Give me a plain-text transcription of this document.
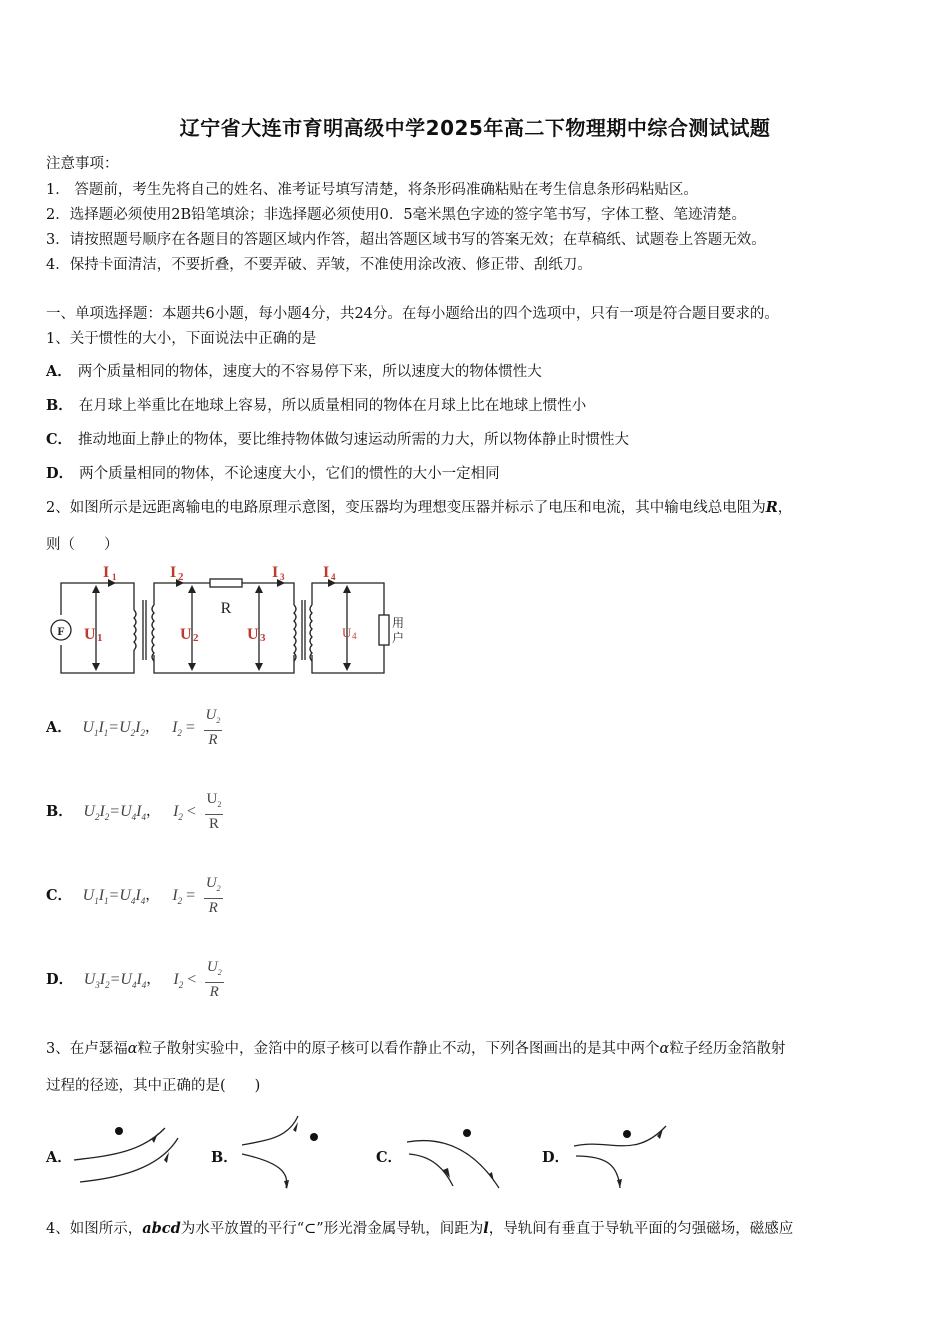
辽宁省大连市育明高级中学2025年高二下物理期中综合测试试题
注意事项：
1． 答题前，考生先将自己的姓名、准考证号填写清楚，将条形码准确粘贴在考生信息条形码粘贴区。
2．选择题必须使用2B铅笔填涂；非选择题必须使用0．5毫米黑色字迹的签字笔书写，字体工整、笔迹清楚。
3．请按照题号顺序在各题目的答题区域内作答，超出答题区域书写的答案无效；在草稿纸、试题卷上答题无效。
4．保持卡面清洁，不要折叠，不要弄破、弄皱，不准使用涂改液、修正带、刮纸刀。
一、单项选择题：本题共6小题，每小题4分，共24分。在每小题给出的四个选项中，只有一项是符合题目要求的。
1、关于惯性的大小，下面说法中正确的是
A． 两个质量相同的物体，速度大的不容易停下来，所以速度大的物体惯性大
B． 在月球上举重比在地球上容易，所以质量相同的物体在月球上比在地球上惯性小
C． 推动地面上静止的物体，要比维持物体做匀速运动所需的力大，所以物体静止时惯性大
D． 两个质量相同的物体，不论速度大小，它们的惯性的大小一定相同
2、如图所示是远距离输电的电路原理示意图，变压器均为理想变压器并标示了电压和电流，其中输电线总电阻为R，
则（　　）
F
R
I 1	I 2	I 3 I 4
U 1	U 2	U 3	U 4
用
户
A． $U_1I_1=U_2I_2$， $I_2 = \frac{U_2}{R}$
B． $U_2I_2=U_4I_4$， $I_2 < \frac{U_2}{R}$
C． $U_1I_1=U_4I_4$， $I_2 = \frac{U_2}{R}$
D． $U_3I_2=U_4I_4$， $I_2 < \frac{U_2}{R}$
3、在卢瑟福α粒子散射实验中，金箔中的原子核可以看作静止不动，下列各图画出的是其中两个α粒子经历金箔散射
过程的径迹，其中正确的是(　　)
A．	B．	C．	D．
4、如图所示，abcd为水平放置的平行“⊂”形光滑金属导轨，间距为l，导轨间有垂直于导轨平面的匀强磁场，磁感应
